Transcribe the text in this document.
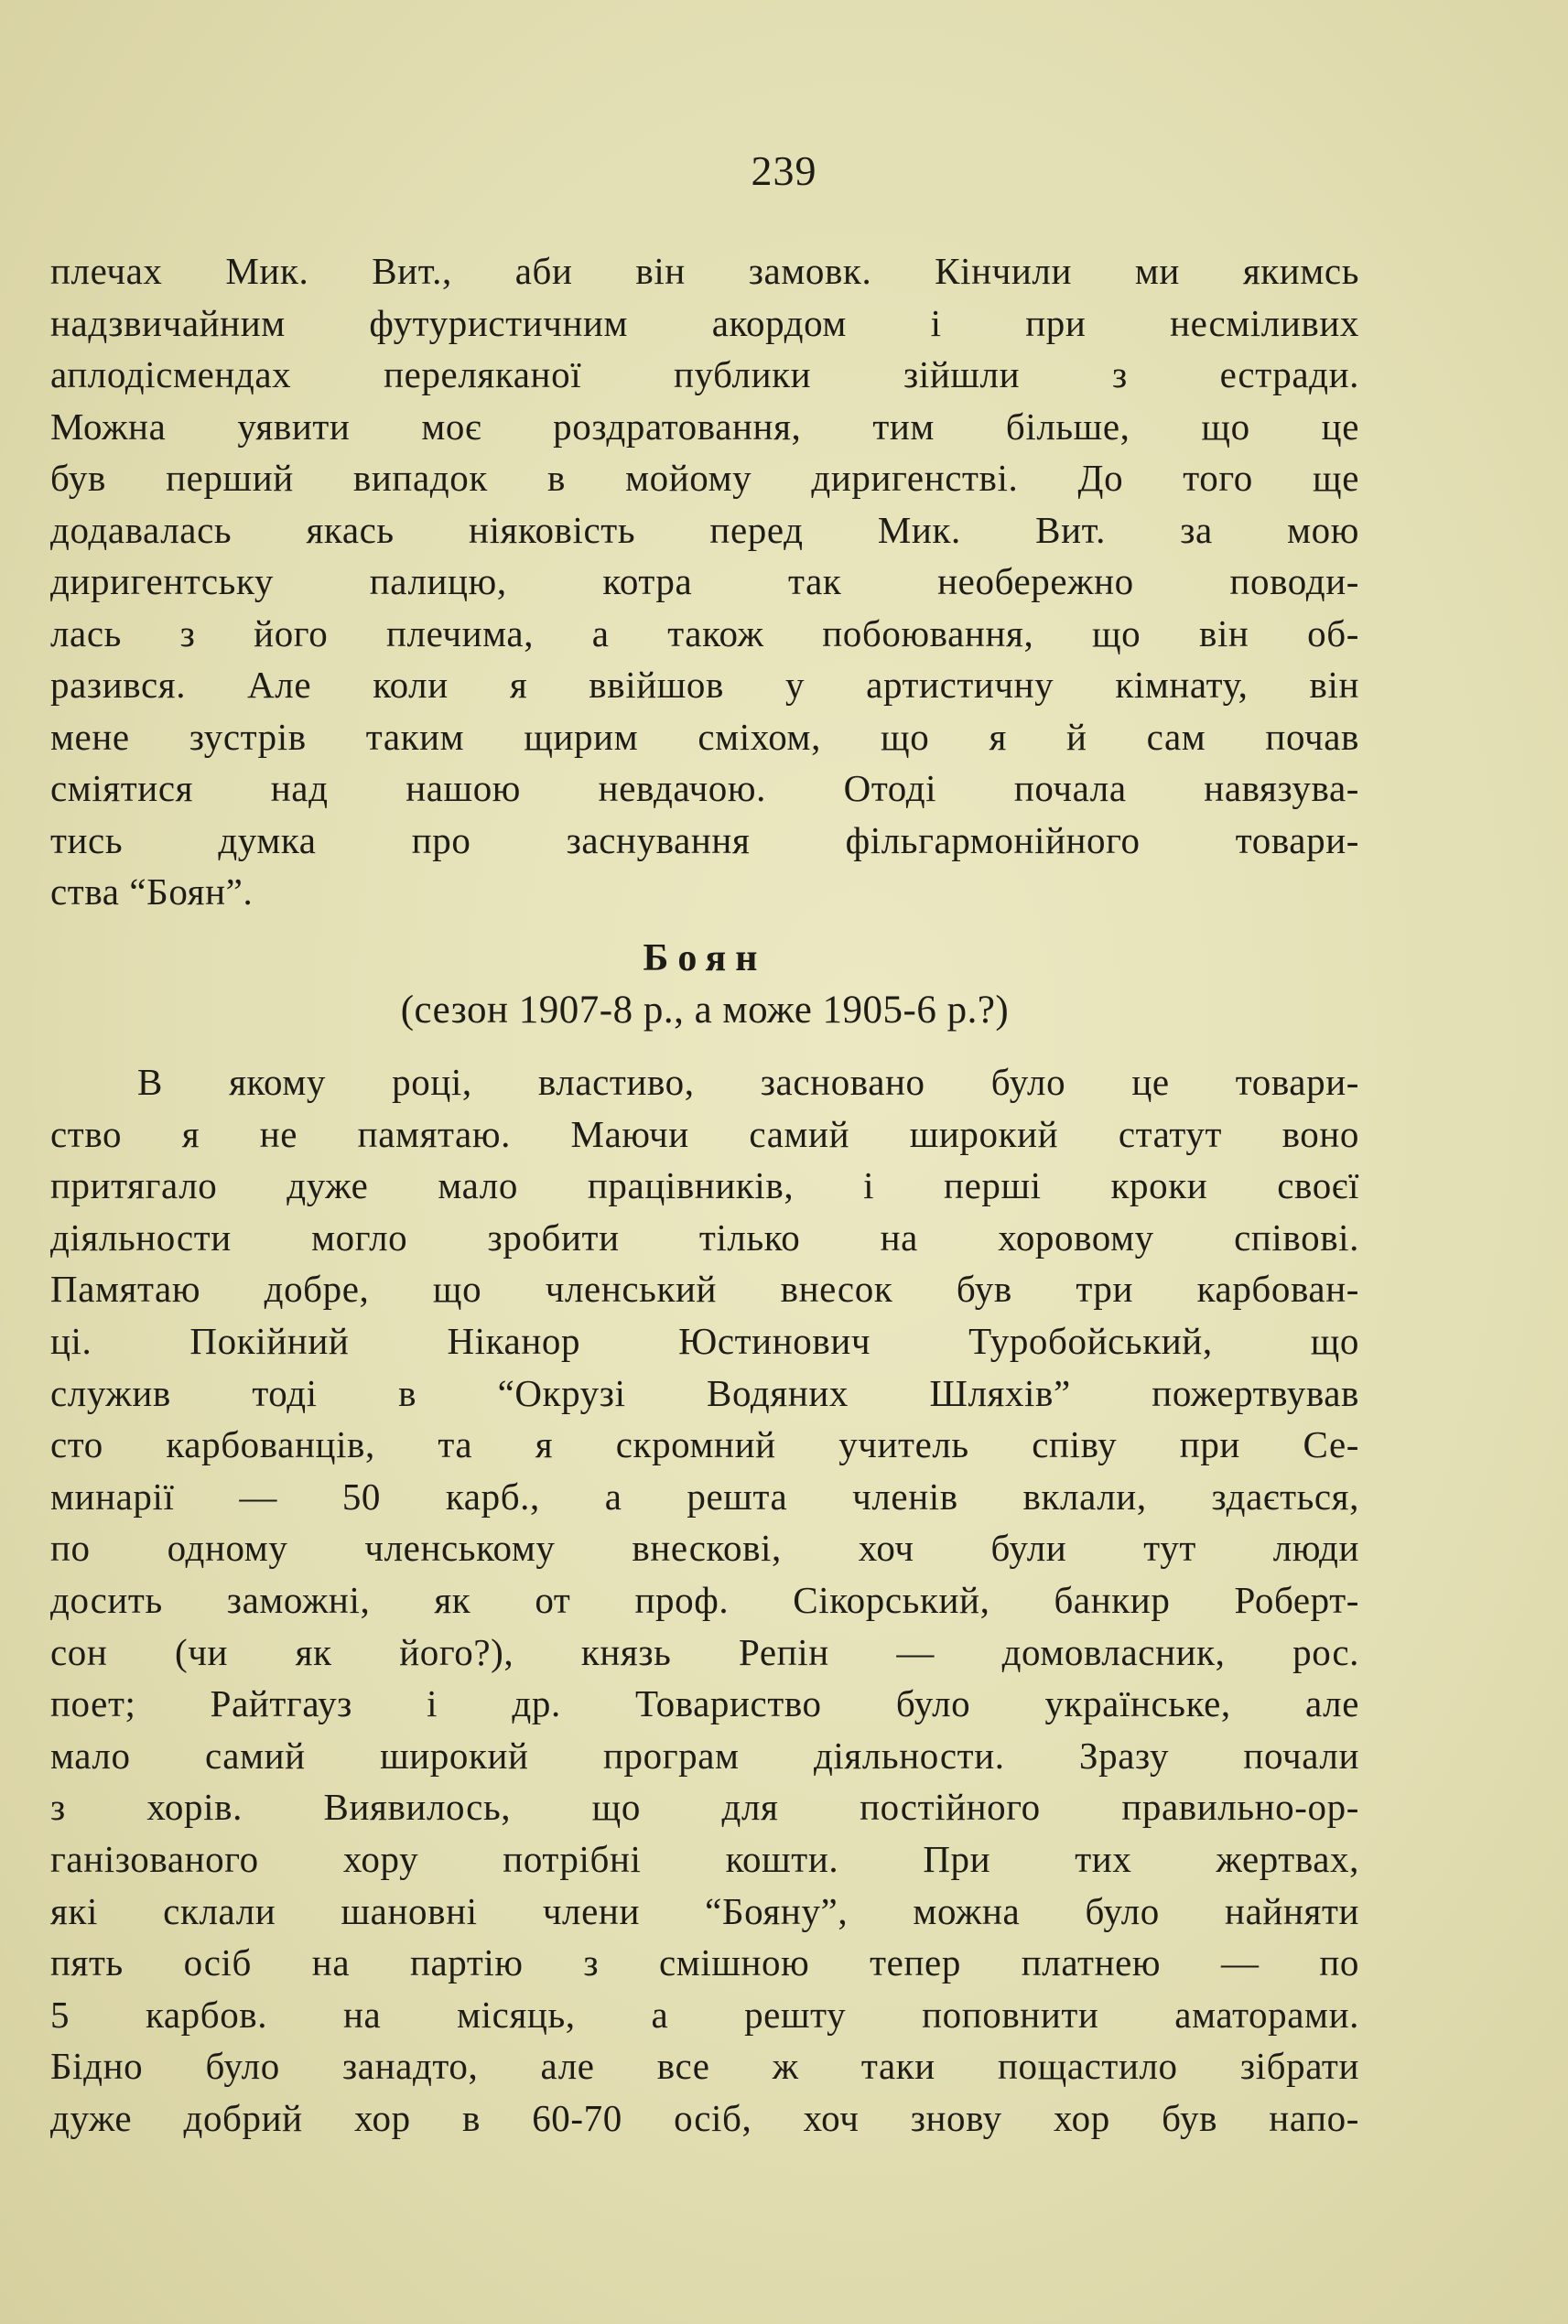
239
плечах Мик. Вит., аби він замовк. Кінчили ми якимсь
надзвичайним футуристичним акордом і при несміливих
аплодісмендах переляканої публики зійшли з естради.
Можна уявити моє роздратовання, тим більше, що це
був перший випадок в мойому диригенстві. До того ще
додавалась якась ніяковість перед Мик. Вит. за мою
диригентську палицю, котра так необережно поводи-
лась з його плечима, а також побоювання, що він об-
разився. Але коли я ввійшов у артистичну кімнату, він
мене зустрів таким щирим сміхом, що я й сам почав
сміятися над нашою невдачою. Отоді почала навязува-
тись думка про заснування фільгармонійного товари-
ства “Боян”.
Боян
(сезон 1907-8 р., а може 1905-6 р.?)
В якому році, властиво, засновано було це товари-
ство я не памятаю. Маючи самий широкий статут воно
притягало дуже мало працівників, і перші кроки своєї
діяльности могло зробити тілько на хоровому співові.
Памятаю добре, що членський внесок був три карбован-
ці. Покійний Ніканор Юстинович Туробойський, що
служив тоді в “Окрузі Водяних Шляхів” пожертвував
сто карбованців, та я скромний учитель співу при Се-
минарії — 50 карб., а решта членів вклали, здається,
по одному членському внескові, хоч були тут люди
досить заможні, як от проф. Сікорський, банкир Роберт-
сон (чи як його?), князь Репін — домовласник, рос.
поет; Райтгауз і др. Товариство було українське, але
мало самий широкий програм діяльности. Зразу почали
з хорів. Виявилось, що для постійного правильно-ор-
ганізованого хору потрібні кошти. При тих жертвах,
які склали шановні члени “Бояну”, можна було найняти
пять осіб на партію з смішною тепер платнею — по
5 карбов. на місяць, а решту поповнити аматорами.
Бідно було занадто, але все ж таки пощастило зібрати
дуже добрий хор в 60-70 осіб, хоч знову хор був напо-
